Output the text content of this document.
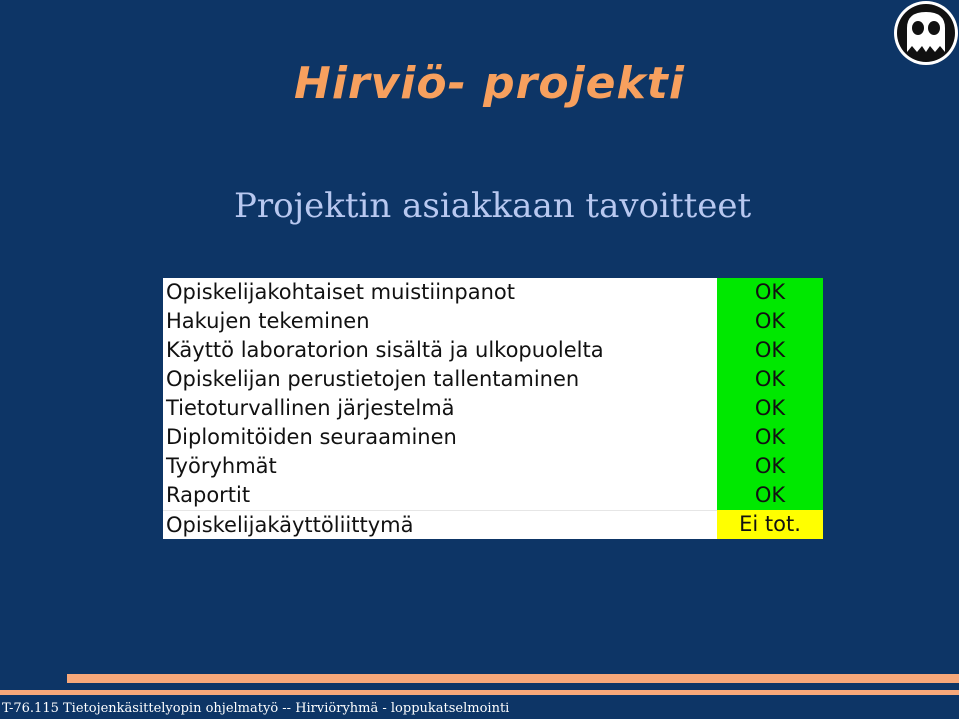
Hirviö- projekti
Projektin asiakkaan tavoitteet
Opiskelijakohtaiset muistiinpanot	OK
Hakujen tekeminen	OK
Käyttö laboratorion sisältä ja ulkopuolelta	OK
Opiskelijan perustietojen tallentaminen	OK
Tietoturvallinen järjestelmä	OK
Diplomitöiden seuraaminen	OK
Työryhmät	OK
Raportit	OK
Opiskelijakäyttöliittymä	Ei tot.
T-76.115 Tietojenkäsittelyopin ohjelmatyö -- Hirviöryhmä - loppukatselmointi
